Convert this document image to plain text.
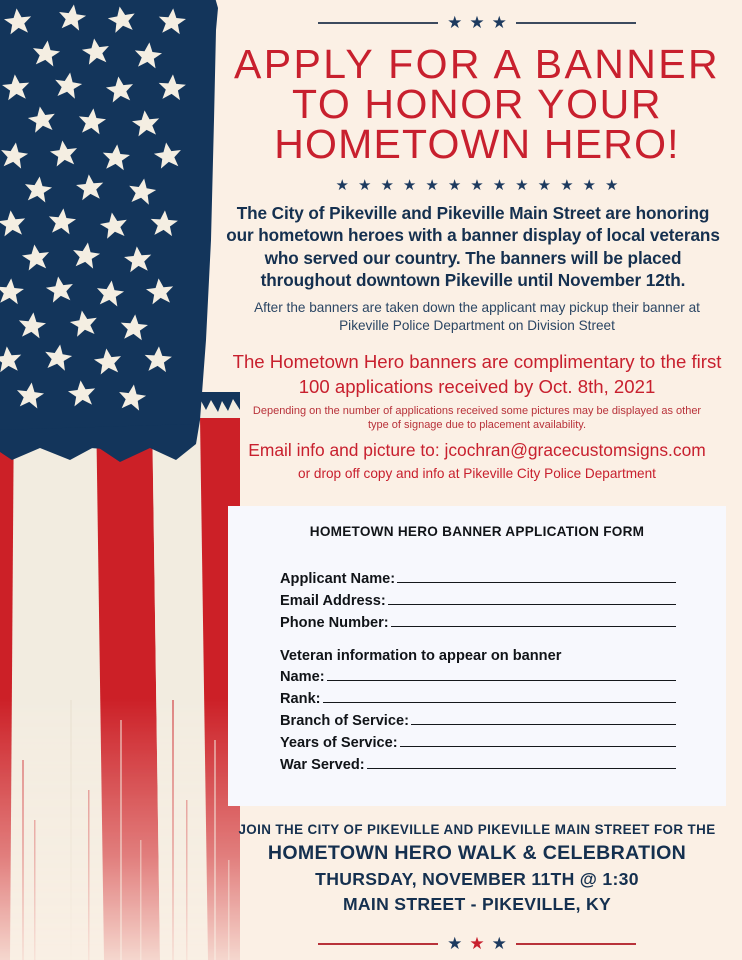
★ ★ ★
APPLY FOR A BANNER
TO HONOR YOUR
HOMETOWN HERO!
★ ★ ★ ★ ★ ★ ★ ★ ★ ★ ★ ★ ★

The City of Pikeville and Pikeville Main Street are honoring our hometown heroes with a banner display of local veterans who served our country. The banners will be placed throughout downtown Pikeville until November 12th.

After the banners are taken down the applicant may pickup their banner at Pikeville Police Department on Division Street

The Hometown Hero banners are complimentary to the first 100 applications received by Oct. 8th, 2021

Depending on the number of applications received some pictures may be displayed as other type of signage due to placement availability.

Email info and picture to: jcochran@gracecustomsigns.com

or drop off copy and info at Pikeville City Police Department

HOMETOWN HERO BANNER APPLICATION FORM
Applicant Name:
Email Address:
Phone Number:
Veteran information to appear on banner
Name:
Rank:
Branch of Service:
Years of Service:
War Served:
JOIN THE CITY OF PIKEVILLE AND PIKEVILLE MAIN STREET FOR THE
HOMETOWN HERO WALK & CELEBRATION
THURSDAY, NOVEMBER 11TH @ 1:30
MAIN STREET - PIKEVILLE, KY
★ ★ ★
